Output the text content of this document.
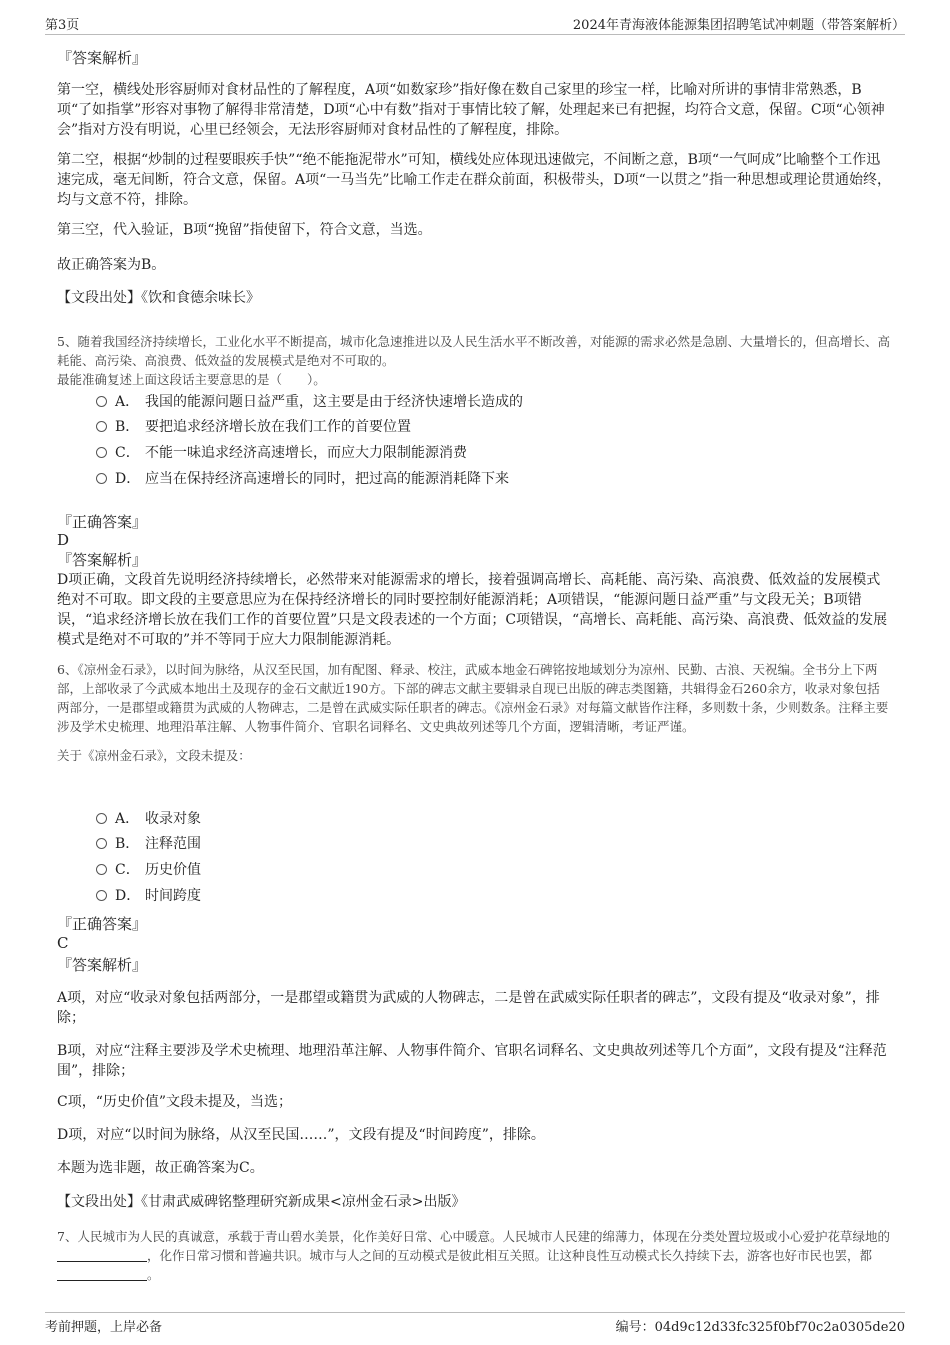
第3页	2024年青海液体能源集团招聘笔试冲刺题（带答案解析）
『答案解析』

第一空，横线处形容厨师对食材品性的了解程度，A项“如数家珍”指好像在数自己家里的珍宝一样，比喻对所讲的事情非常熟悉，B项“了如指掌”形容对事物了解得非常清楚，D项“心中有数”指对于事情比较了解，处理起来已有把握，均符合文意，保留。C项“心领神会”指对方没有明说，心里已经领会，无法形容厨师对食材品性的了解程度，排除。

第二空，根据“炒制的过程要眼疾手快”“绝不能拖泥带水”可知，横线处应体现迅速做完，不间断之意，B项“一气呵成”比喻整个工作迅速完成，毫无间断，符合文意，保留。A项“一马当先”比喻工作走在群众前面，积极带头，D项“一以贯之”指一种思想或理论贯通始终，均与文意不符，排除。

第三空，代入验证，B项“挽留”指使留下，符合文意，当选。

故正确答案为B。

【文段出处】《饮和食德余味长》

5、随着我国经济持续增长，工业化水平不断提高，城市化急速推进以及人民生活水平不断改善，对能源的需求必然是急剧、大量增长的，但高增长、高耗能、高污染、高浪费、低效益的发展模式是绝对不可取的。

最能准确复述上面这段话主要意思的是（　　）。

A． 我国的能源问题日益严重，这主要是由于经济快速增长造成的
B． 要把追求经济增长放在我们工作的首要位置
C． 不能一味追求经济高速增长，而应大力限制能源消费
D． 应当在保持经济高速增长的同时，把过高的能源消耗降下来
『正确答案』
D
『答案解析』

D项正确，文段首先说明经济持续增长，必然带来对能源需求的增长，接着强调高增长、高耗能、高污染、高浪费、低效益的发展模式绝对不可取。即文段的主要意思应为在保持经济增长的同时要控制好能源消耗；A项错误，“能源问题日益严重”与文段无关；B项错误，“追求经济增长放在我们工作的首要位置”只是文段表述的一个方面；C项错误，“高增长、高耗能、高污染、高浪费、低效益的发展模式是绝对不可取的”并不等同于应大力限制能源消耗。

6、《凉州金石录》，以时间为脉络，从汉至民国，加有配图、释录、校注，武威本地金石碑铭按地域划分为凉州、民勤、古浪、天祝编。全书分上下两部，上部收录了今武威本地出土及现存的金石文献近190方。下部的碑志文献主要辑录自现已出版的碑志类图籍，共辑得金石260余方，收录对象包括两部分，一是郡望或籍贯为武威的人物碑志，二是曾在武威实际任职者的碑志。《凉州金石录》对每篇文献皆作注释，多则数十条，少则数条。注释主要涉及学术史梳理、地理沿革注解、人物事件简介、官职名词释名、文史典故列述等几个方面，逻辑清晰，考证严谨。

关于《凉州金石录》，文段未提及：

A． 收录对象
B． 注释范围
C． 历史价值
D． 时间跨度
『正确答案』
C
『答案解析』

A项，对应“收录对象包括两部分，一是郡望或籍贯为武威的人物碑志，二是曾在武威实际任职者的碑志”，文段有提及“收录对象”，排除；

B项，对应“注释主要涉及学术史梳理、地理沿革注解、人物事件简介、官职名词释名、文史典故列述等几个方面”，文段有提及“注释范围”，排除；

C项，“历史价值”文段未提及，当选；

D项，对应“以时间为脉络，从汉至民国……”，文段有提及“时间跨度”，排除。

本题为选非题，故正确答案为C。

【文段出处】《甘肃武威碑铭整理研究新成果<凉州金石录>出版》

7、人民城市为人民的真诚意，承载于青山碧水美景，化作美好日常、心中暖意。人民城市人民建的绵薄力，体现在分类处置垃圾或小心爱护花草绿地的，化作日常习惯和普遍共识。城市与人之间的互动模式是彼此相互关照。让这种良性互动模式长久持续下去，游客也好市民也罢，都。

考前押题，上岸必备	编号：04d9c12d33fc325f0bf70c2a0305de20
